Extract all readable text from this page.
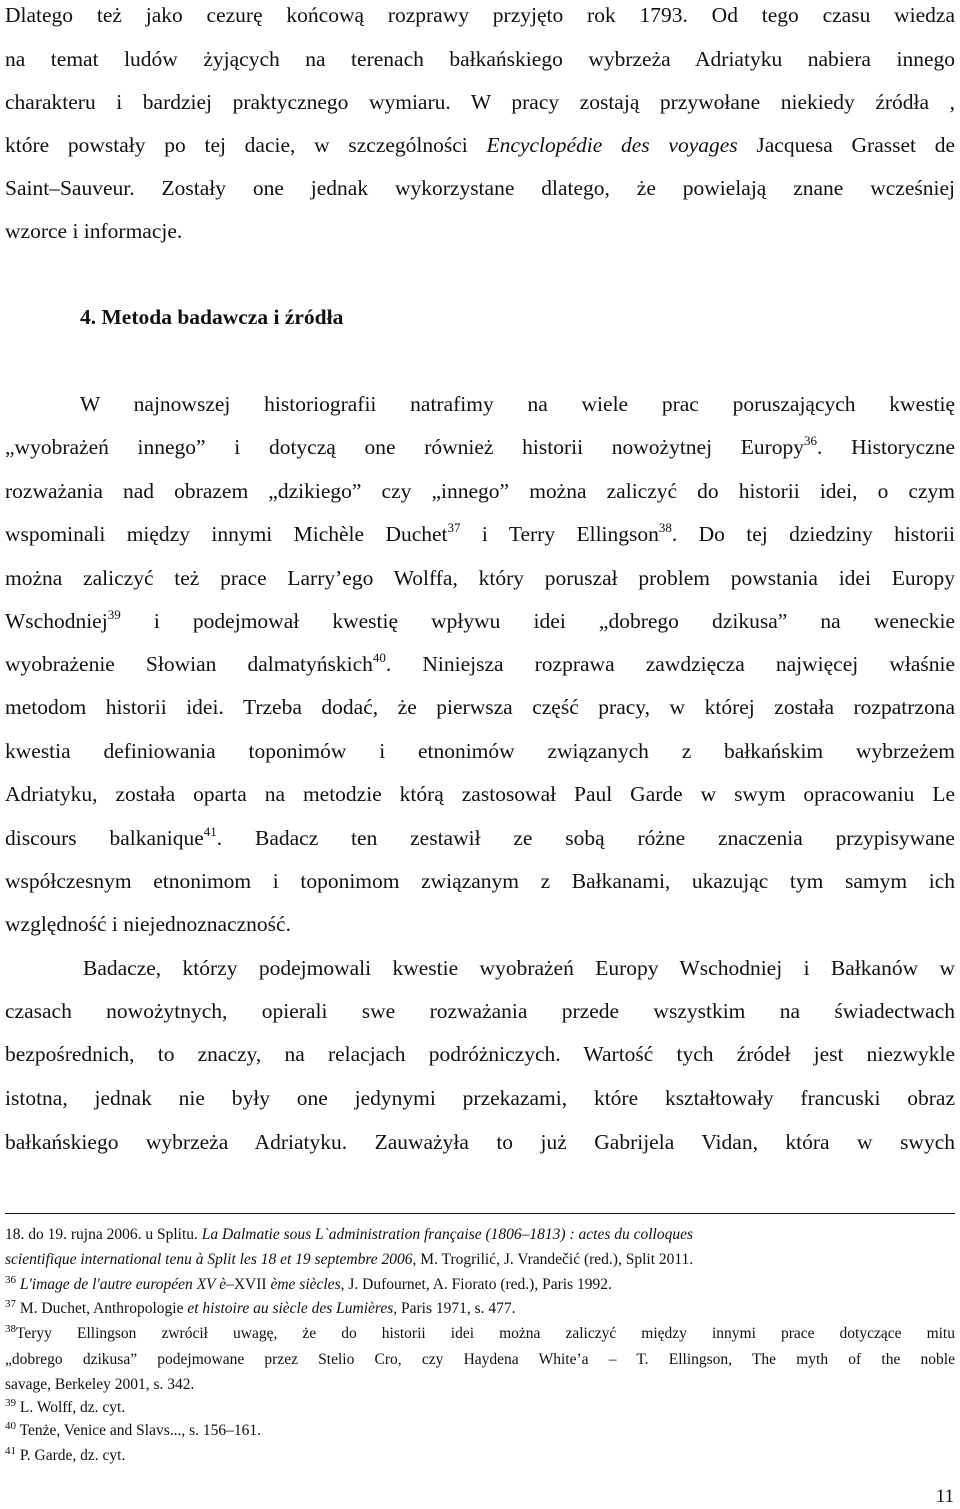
Dlatego też jako cezurę końcową rozprawy przyjęto rok 1793. Od tego czasu wiedza
na temat ludów żyjących na terenach bałkańskiego wybrzeża Adriatyku nabiera innego
charakteru i bardziej praktycznego wymiaru. W pracy zostają przywołane niekiedy źródła ,
które powstały po tej dacie, w szczególności Encyclopédie des voyages Jacquesa Grasset de
Saint–Sauveur. Zostały one jednak wykorzystane dlatego, że powielają znane wcześniej
wzorce i informacje.
4. Metoda badawcza i źródła
W najnowszej historiografii natrafimy na wiele prac poruszających kwestię
„wyobrażeń innego” i dotyczą one również historii nowożytnej Europy$^{36}$. Historyczne
rozważania nad obrazem „dzikiego” czy „innego” można zaliczyć do historii idei, o czym
wspominali między innymi Michèle Duchet$^{37}$ i Terry Ellingson$^{38}$. Do tej dziedziny historii
można zaliczyć też prace Larry’ego Wolffa, który poruszał problem powstania idei Europy
Wschodniej$^{39}$ i podejmował kwestię wpływu idei „dobrego dzikusa” na weneckie
wyobrażenie Słowian dalmatyńskich$^{40}$. Niniejsza rozprawa zawdzięcza najwięcej właśnie
metodom historii idei. Trzeba dodać, że pierwsza część pracy, w której została rozpatrzona
kwestia definiowania toponimów i etnonimów związanych z bałkańskim wybrzeżem
Adriatyku, została oparta na metodzie którą zastosował Paul Garde w swym opracowaniu Le
discours balkanique$^{41}$. Badacz ten zestawił ze sobą różne znaczenia przypisywane
współczesnym etnonimom i toponimom związanym z Bałkanami, ukazując tym samym ich
względność i niejednoznaczność.
Badacze, którzy podejmowali kwestie wyobrażeń Europy Wschodniej i Bałkanów w
czasach nowożytnych, opierali swe rozważania przede wszystkim na świadectwach
bezpośrednich, to znaczy, na relacjach podróżniczych. Wartość tych źródeł jest niezwykle
istotna, jednak nie były one jedynymi przekazami, które kształtowały francuski obraz
bałkańskiego wybrzeża Adriatyku. Zauważyła to już Gabrijela Vidan, która w swych
18. do 19. rujna 2006. u Splitu. La Dalmatie sous L`administration française (1806–1813) : actes du colloques
scientifique international tenu à Split les 18 et 19 septembre 2006, M. Trogrilić, J. Vrandečić (red.), Split 2011.
$^{36}$ L'image de l'autre européen XV è–XVII ème siècles, J. Dufournet, A. Fiorato (red.), Paris 1992.
$^{37}$ M. Duchet, Anthropologie et histoire au siècle des Lumières, Paris 1971, s. 477.
$^{38}$Teryy Ellingson zwrócił uwagę, że do historii idei można zaliczyć między innymi prace dotyczące mitu
„dobrego dzikusa” podejmowane przez Stelio Cro, czy Haydena White’a – T. Ellingson, The myth of the noble
savage, Berkeley 2001, s. 342.
$^{39}$ L. Wolff, dz. cyt.
$^{40}$ Tenże, Venice and Slavs..., s. 156–161.
$^{41}$ P. Garde, dz. cyt.
11
